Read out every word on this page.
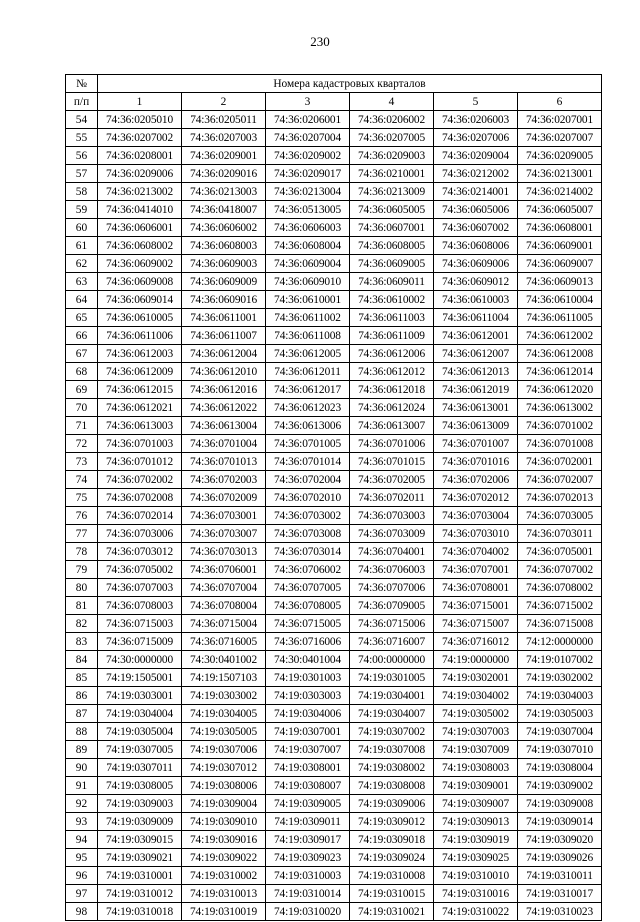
230
№	Номера кадастровых кварталов					
п/п	1	2	3	4	5	6
54	74:36:0205010	74:36:0205011	74:36:0206001	74:36:0206002	74:36:0206003	74:36:0207001
55	74:36:0207002	74:36:0207003	74:36:0207004	74:36:0207005	74:36:0207006	74:36:0207007
56	74:36:0208001	74:36:0209001	74:36:0209002	74:36:0209003	74:36:0209004	74:36:0209005
57	74:36:0209006	74:36:0209016	74:36:0209017	74:36:0210001	74:36:0212002	74:36:0213001
58	74:36:0213002	74:36:0213003	74:36:0213004	74:36:0213009	74:36:0214001	74:36:0214002
59	74:36:0414010	74:36:0418007	74:36:0513005	74:36:0605005	74:36:0605006	74:36:0605007
60	74:36:0606001	74:36:0606002	74:36:0606003	74:36:0607001	74:36:0607002	74:36:0608001
61	74:36:0608002	74:36:0608003	74:36:0608004	74:36:0608005	74:36:0608006	74:36:0609001
62	74:36:0609002	74:36:0609003	74:36:0609004	74:36:0609005	74:36:0609006	74:36:0609007
63	74:36:0609008	74:36:0609009	74:36:0609010	74:36:0609011	74:36:0609012	74:36:0609013
64	74:36:0609014	74:36:0609016	74:36:0610001	74:36:0610002	74:36:0610003	74:36:0610004
65	74:36:0610005	74:36:0611001	74:36:0611002	74:36:0611003	74:36:0611004	74:36:0611005
66	74:36:0611006	74:36:0611007	74:36:0611008	74:36:0611009	74:36:0612001	74:36:0612002
67	74:36:0612003	74:36:0612004	74:36:0612005	74:36:0612006	74:36:0612007	74:36:0612008
68	74:36:0612009	74:36:0612010	74:36:0612011	74:36:0612012	74:36:0612013	74:36:0612014
69	74:36:0612015	74:36:0612016	74:36:0612017	74:36:0612018	74:36:0612019	74:36:0612020
70	74:36:0612021	74:36:0612022	74:36:0612023	74:36:0612024	74:36:0613001	74:36:0613002
71	74:36:0613003	74:36:0613004	74:36:0613006	74:36:0613007	74:36:0613009	74:36:0701002
72	74:36:0701003	74:36:0701004	74:36:0701005	74:36:0701006	74:36:0701007	74:36:0701008
73	74:36:0701012	74:36:0701013	74:36:0701014	74:36:0701015	74:36:0701016	74:36:0702001
74	74:36:0702002	74:36:0702003	74:36:0702004	74:36:0702005	74:36:0702006	74:36:0702007
75	74:36:0702008	74:36:0702009	74:36:0702010	74:36:0702011	74:36:0702012	74:36:0702013
76	74:36:0702014	74:36:0703001	74:36:0703002	74:36:0703003	74:36:0703004	74:36:0703005
77	74:36:0703006	74:36:0703007	74:36:0703008	74:36:0703009	74:36:0703010	74:36:0703011
78	74:36:0703012	74:36:0703013	74:36:0703014	74:36:0704001	74:36:0704002	74:36:0705001
79	74:36:0705002	74:36:0706001	74:36:0706002	74:36:0706003	74:36:0707001	74:36:0707002
80	74:36:0707003	74:36:0707004	74:36:0707005	74:36:0707006	74:36:0708001	74:36:0708002
81	74:36:0708003	74:36:0708004	74:36:0708005	74:36:0709005	74:36:0715001	74:36:0715002
82	74:36:0715003	74:36:0715004	74:36:0715005	74:36:0715006	74:36:0715007	74:36:0715008
83	74:36:0715009	74:36:0716005	74:36:0716006	74:36:0716007	74:36:0716012	74:12:0000000
84	74:30:0000000	74:30:0401002	74:30:0401004	74:00:0000000	74:19:0000000	74:19:0107002
85	74:19:1505001	74:19:1507103	74:19:0301003	74:19:0301005	74:19:0302001	74:19:0302002
86	74:19:0303001	74:19:0303002	74:19:0303003	74:19:0304001	74:19:0304002	74:19:0304003
87	74:19:0304004	74:19:0304005	74:19:0304006	74:19:0304007	74:19:0305002	74:19:0305003
88	74:19:0305004	74:19:0305005	74:19:0307001	74:19:0307002	74:19:0307003	74:19:0307004
89	74:19:0307005	74:19:0307006	74:19:0307007	74:19:0307008	74:19:0307009	74:19:0307010
90	74:19:0307011	74:19:0307012	74:19:0308001	74:19:0308002	74:19:0308003	74:19:0308004
91	74:19:0308005	74:19:0308006	74:19:0308007	74:19:0308008	74:19:0309001	74:19:0309002
92	74:19:0309003	74:19:0309004	74:19:0309005	74:19:0309006	74:19:0309007	74:19:0309008
93	74:19:0309009	74:19:0309010	74:19:0309011	74:19:0309012	74:19:0309013	74:19:0309014
94	74:19:0309015	74:19:0309016	74:19:0309017	74:19:0309018	74:19:0309019	74:19:0309020
95	74:19:0309021	74:19:0309022	74:19:0309023	74:19:0309024	74:19:0309025	74:19:0309026
96	74:19:0310001	74:19:0310002	74:19:0310003	74:19:0310008	74:19:0310010	74:19:0310011
97	74:19:0310012	74:19:0310013	74:19:0310014	74:19:0310015	74:19:0310016	74:19:0310017
98	74:19:0310018	74:19:0310019	74:19:0310020	74:19:0310021	74:19:0310022	74:19:0310023
